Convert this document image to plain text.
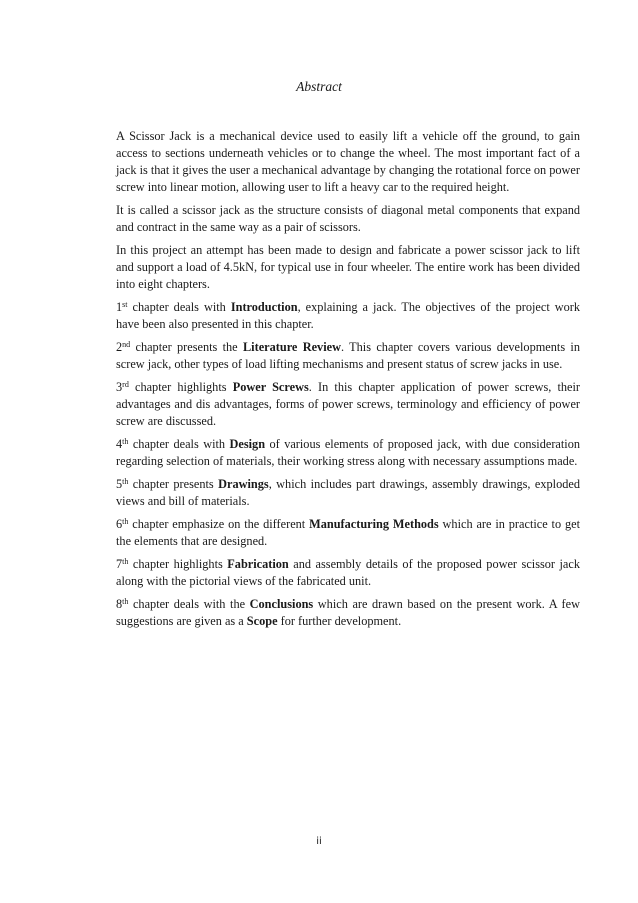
Abstract

A Scissor Jack is a mechanical device used to easily lift a vehicle off the ground, to gain access to sections underneath vehicles or to change the wheel. The most important fact of a jack is that it gives the user a mechanical advantage by changing the rotational force on power screw into linear motion, allowing user to lift a heavy car to the required height.

It is called a scissor jack as the structure consists of diagonal metal components that expand and contract in the same way as a pair of scissors.

In this project an attempt has been made to design and fabricate a power scissor jack to lift and support a load of 4.5kN, for typical use in four wheeler. The entire work has been divided into eight chapters.

1st chapter deals with Introduction, explaining a jack. The objectives of the project work have been also presented in this chapter.

2nd chapter presents the Literature Review. This chapter covers various developments in screw jack, other types of load lifting mechanisms and present status of screw jacks in use.

3rd chapter highlights Power Screws. In this chapter application of power screws, their advantages and dis advantages, forms of power screws, terminology and efficiency of power screw are discussed.

4th chapter deals with Design of various elements of proposed jack, with due consideration regarding selection of materials, their working stress along with necessary assumptions made.

5th chapter presents Drawings, which includes part drawings, assembly drawings, exploded views and bill of materials.

6th chapter emphasize on the different Manufacturing Methods which are in practice to get the elements that are designed.

7th chapter highlights Fabrication and assembly details of the proposed power scissor jack along with the pictorial views of the fabricated unit.

8th chapter deals with the Conclusions which are drawn based on the present work. A few suggestions are given as a Scope for further development.

ii
